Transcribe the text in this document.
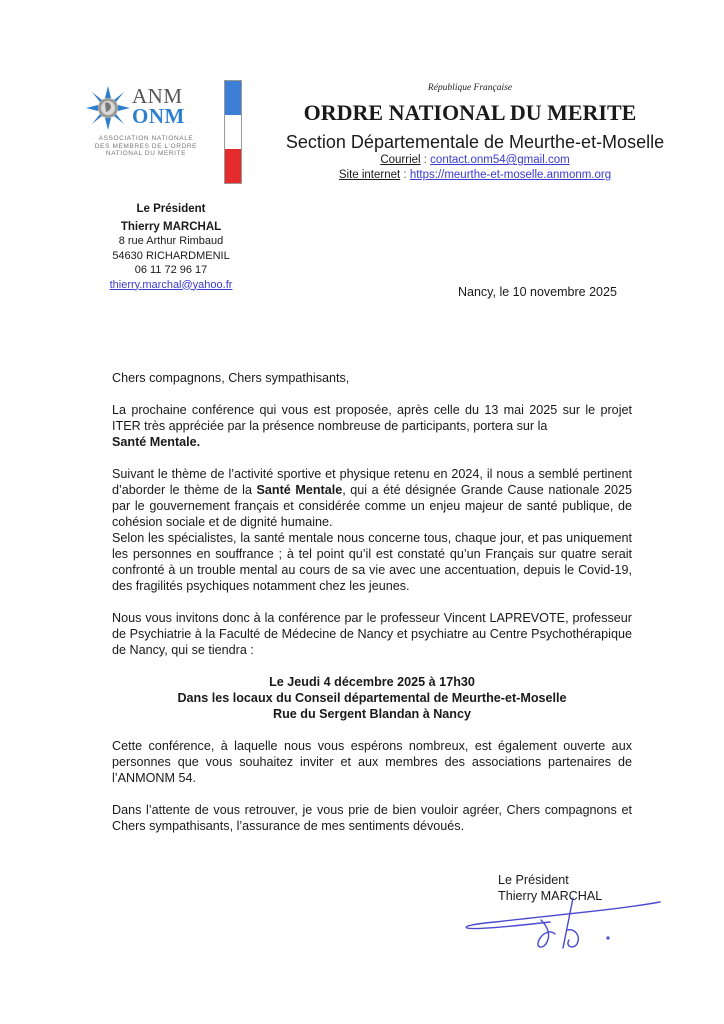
ANM
ONM
ASSOCIATION NATIONALE
DES MEMBRES DE L'ORDRE
NATIONAL DU MERITE
République Française
ORDRE NATIONAL DU MERITE
Section Départementale de Meurthe-et-Moselle
Courriel : contact.onm54@gmail.com
Site internet : https://meurthe-et-moselle.anmonm.org
Le Président
Thierry MARCHAL
8 rue Arthur Rimbaud
54630 RICHARDMENIL
06 11 72 96 17
thierry.marchal@yahoo.fr
Nancy, le 10 novembre 2025

Chers compagnons, Chers sympathisants,

La prochaine conférence qui vous est proposée, après celle du 13 mai 2025 sur le projet ITER très appréciée par la présence nombreuse de participants, portera sur la
Santé Mentale.

Suivant le thème de l’activité sportive et physique retenu en 2024, il nous a semblé pertinent d’aborder le thème de la Santé Mentale, qui a été désignée Grande Cause nationale 2025 par le gouvernement français et considérée comme un enjeu majeur de santé publique, de cohésion sociale et de dignité humaine.

Selon les spécialistes, la santé mentale nous concerne tous, chaque jour, et pas uniquement les personnes en souffrance ; à tel point qu’il est constaté qu’un Français sur quatre serait confronté à un trouble mental au cours de sa vie avec une accentuation, depuis le Covid-19, des fragilités psychiques notamment chez les jeunes.

Nous vous invitons donc à la conférence par le professeur Vincent LAPREVOTE, professeur de Psychiatrie à la Faculté de Médecine de Nancy et psychiatre au Centre Psychothérapique de Nancy, qui se tiendra :

Le Jeudi 4 décembre 2025 à 17h30

Dans les locaux du Conseil départemental de Meurthe-et-Moselle

Rue du Sergent Blandan à Nancy

Cette conférence, à laquelle nous vous espérons nombreux, est également ouverte aux personnes que vous souhaitez inviter et aux membres des associations partenaires de l’ANMONM 54.

Dans l’attente de vous retrouver, je vous prie de bien vouloir agréer, Chers compagnons et Chers sympathisants, l’assurance de mes sentiments dévoués.

Le Président
Thierry MARCHAL
